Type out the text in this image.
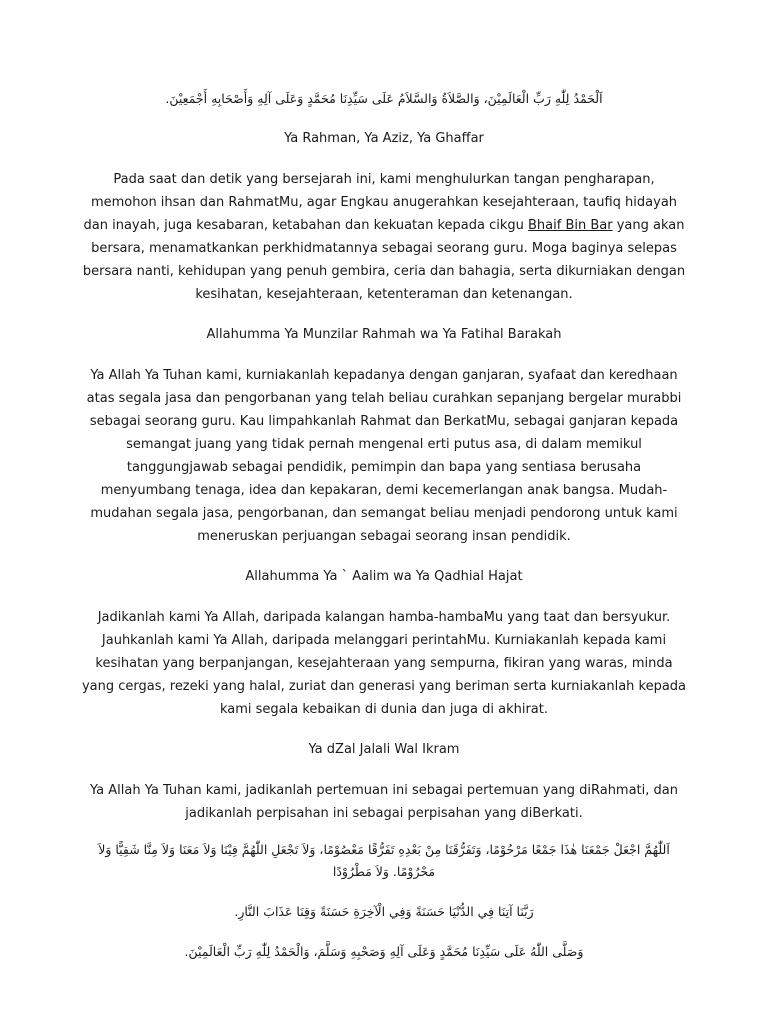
اَلْحَمْدُ لِلّٰهِ رَبِّ الْعَالَمِيْنَ، وَالصَّلاَةُ وَالسَّلاَمُ عَلَى سَيِّدِنَا مُحَمَّدٍ وَعَلَى آلِهِ وَأَصْحَابِهِ أَجْمَعِيْنَ.

Ya Rahman, Ya Aziz, Ya Ghaffar

Pada saat dan detik yang bersejarah ini, kami menghulurkan tangan pengharapan, memohon ihsan dan RahmatMu, agar Engkau anugerahkan kesejahteraan, taufiq hidayah dan inayah, juga kesabaran, ketabahan dan kekuatan kepada cikgu Bhaif Bin Bar yang akan bersara, menamatkankan perkhidmatannya sebagai seorang guru. Moga baginya selepas bersara nanti, kehidupan yang penuh gembira, ceria dan bahagia, serta dikurniakan dengan kesihatan, kesejahteraan, ketenteraman dan ketenangan.

Allahumma Ya Munzilar Rahmah wa Ya Fatihal Barakah

Ya Allah Ya Tuhan kami, kurniakanlah kepadanya dengan ganjaran, syafaat dan keredhaan atas segala jasa dan pengorbanan yang telah beliau curahkan sepanjang bergelar murabbi sebagai seorang guru. Kau limpahkanlah Rahmat dan BerkatMu, sebagai ganjaran kepada semangat juang yang tidak pernah mengenal erti putus asa, di dalam memikul tanggungjawab sebagai pendidik, pemimpin dan bapa yang sentiasa berusaha menyumbang tenaga, idea dan kepakaran, demi kecemerlangan anak bangsa. Mudah-mudahan segala jasa, pengorbanan, dan semangat beliau menjadi pendorong untuk kami meneruskan perjuangan sebagai seorang insan pendidik.

Allahumma Ya ` Aalim wa Ya Qadhial Hajat

Jadikanlah kami Ya Allah, daripada kalangan hamba-hambaMu yang taat dan bersyukur. Jauhkanlah kami Ya Allah, daripada melanggari perintahMu. Kurniakanlah kepada kami kesihatan yang berpanjangan, kesejahteraan yang sempurna, fikiran yang waras, minda yang cergas, rezeki yang halal, zuriat dan generasi yang beriman serta kurniakanlah kepada kami segala kebaikan di dunia dan juga di akhirat.

Ya dZal Jalali Wal Ikram

Ya Allah Ya Tuhan kami, jadikanlah pertemuan ini sebagai pertemuan yang diRahmati, dan jadikanlah perpisahan ini sebagai perpisahan yang diBerkati.

اَللّٰهُمَّ اجْعَلْ جَمْعَنَا هٰذَا جَمْعًا مَرْحُوْمًا، وَتَفَرُّقَنَا مِنْ بَعْدِهِ تَفَرُّقًا مَعْصُوْمًا، وَلاَ تَجْعَلِ اللّٰهُمَّ فِيْنَا وَلاَ مَعَنَا وَلاَ مِنَّا شَقِيًّا وَلاَ مَحْرُوْمًا. وَلاَ مَطْرُوْدًا

رَبَّنَا آتِنَا فِي الدُّنْيَا حَسَنَةً وَفِي الْآخِرَةِ حَسَنَةً وَقِنَا عَذَابَ النَّارِ.

وَصَلَّى اللّٰهُ عَلَى سَيِّدِنَا مُحَمَّدٍ وَعَلَى آلِهِ وَصَحْبِهِ وَسَلَّمَ، وَالْحَمْدُ لِلّٰهِ رَبِّ الْعَالَمِيْنَ.
